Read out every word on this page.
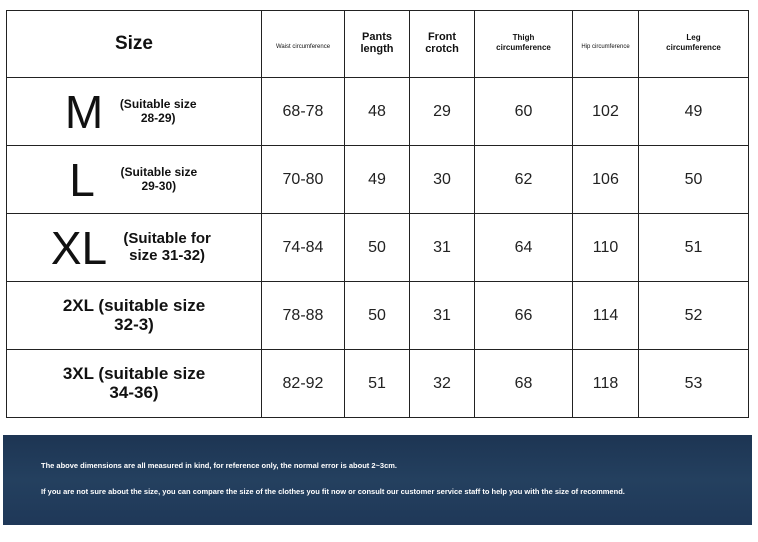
Size	Waist circumference	Pants length	Front crotch	Thigh circumference	Hip circumference	Leg circumference

M (Suitable size 28-29)	68-78	48	29	60	102	49

L (Suitable size 29-30)	70-80	49	30	62	106	50

XL (Suitable for size 31-32)	74-84	50	31	64	110	51

2XL (suitable size
32-3)	78-88	50	31	66	114	52

3XL (suitable size
34-36)	82-92	51	32	68	118	53
The above dimensions are all measured in kind, for reference only, the normal error is about 2~3cm.
If you are not sure about the size, you can compare the size of the clothes you fit now or consult our customer service staff to help you with the size of recommend.
